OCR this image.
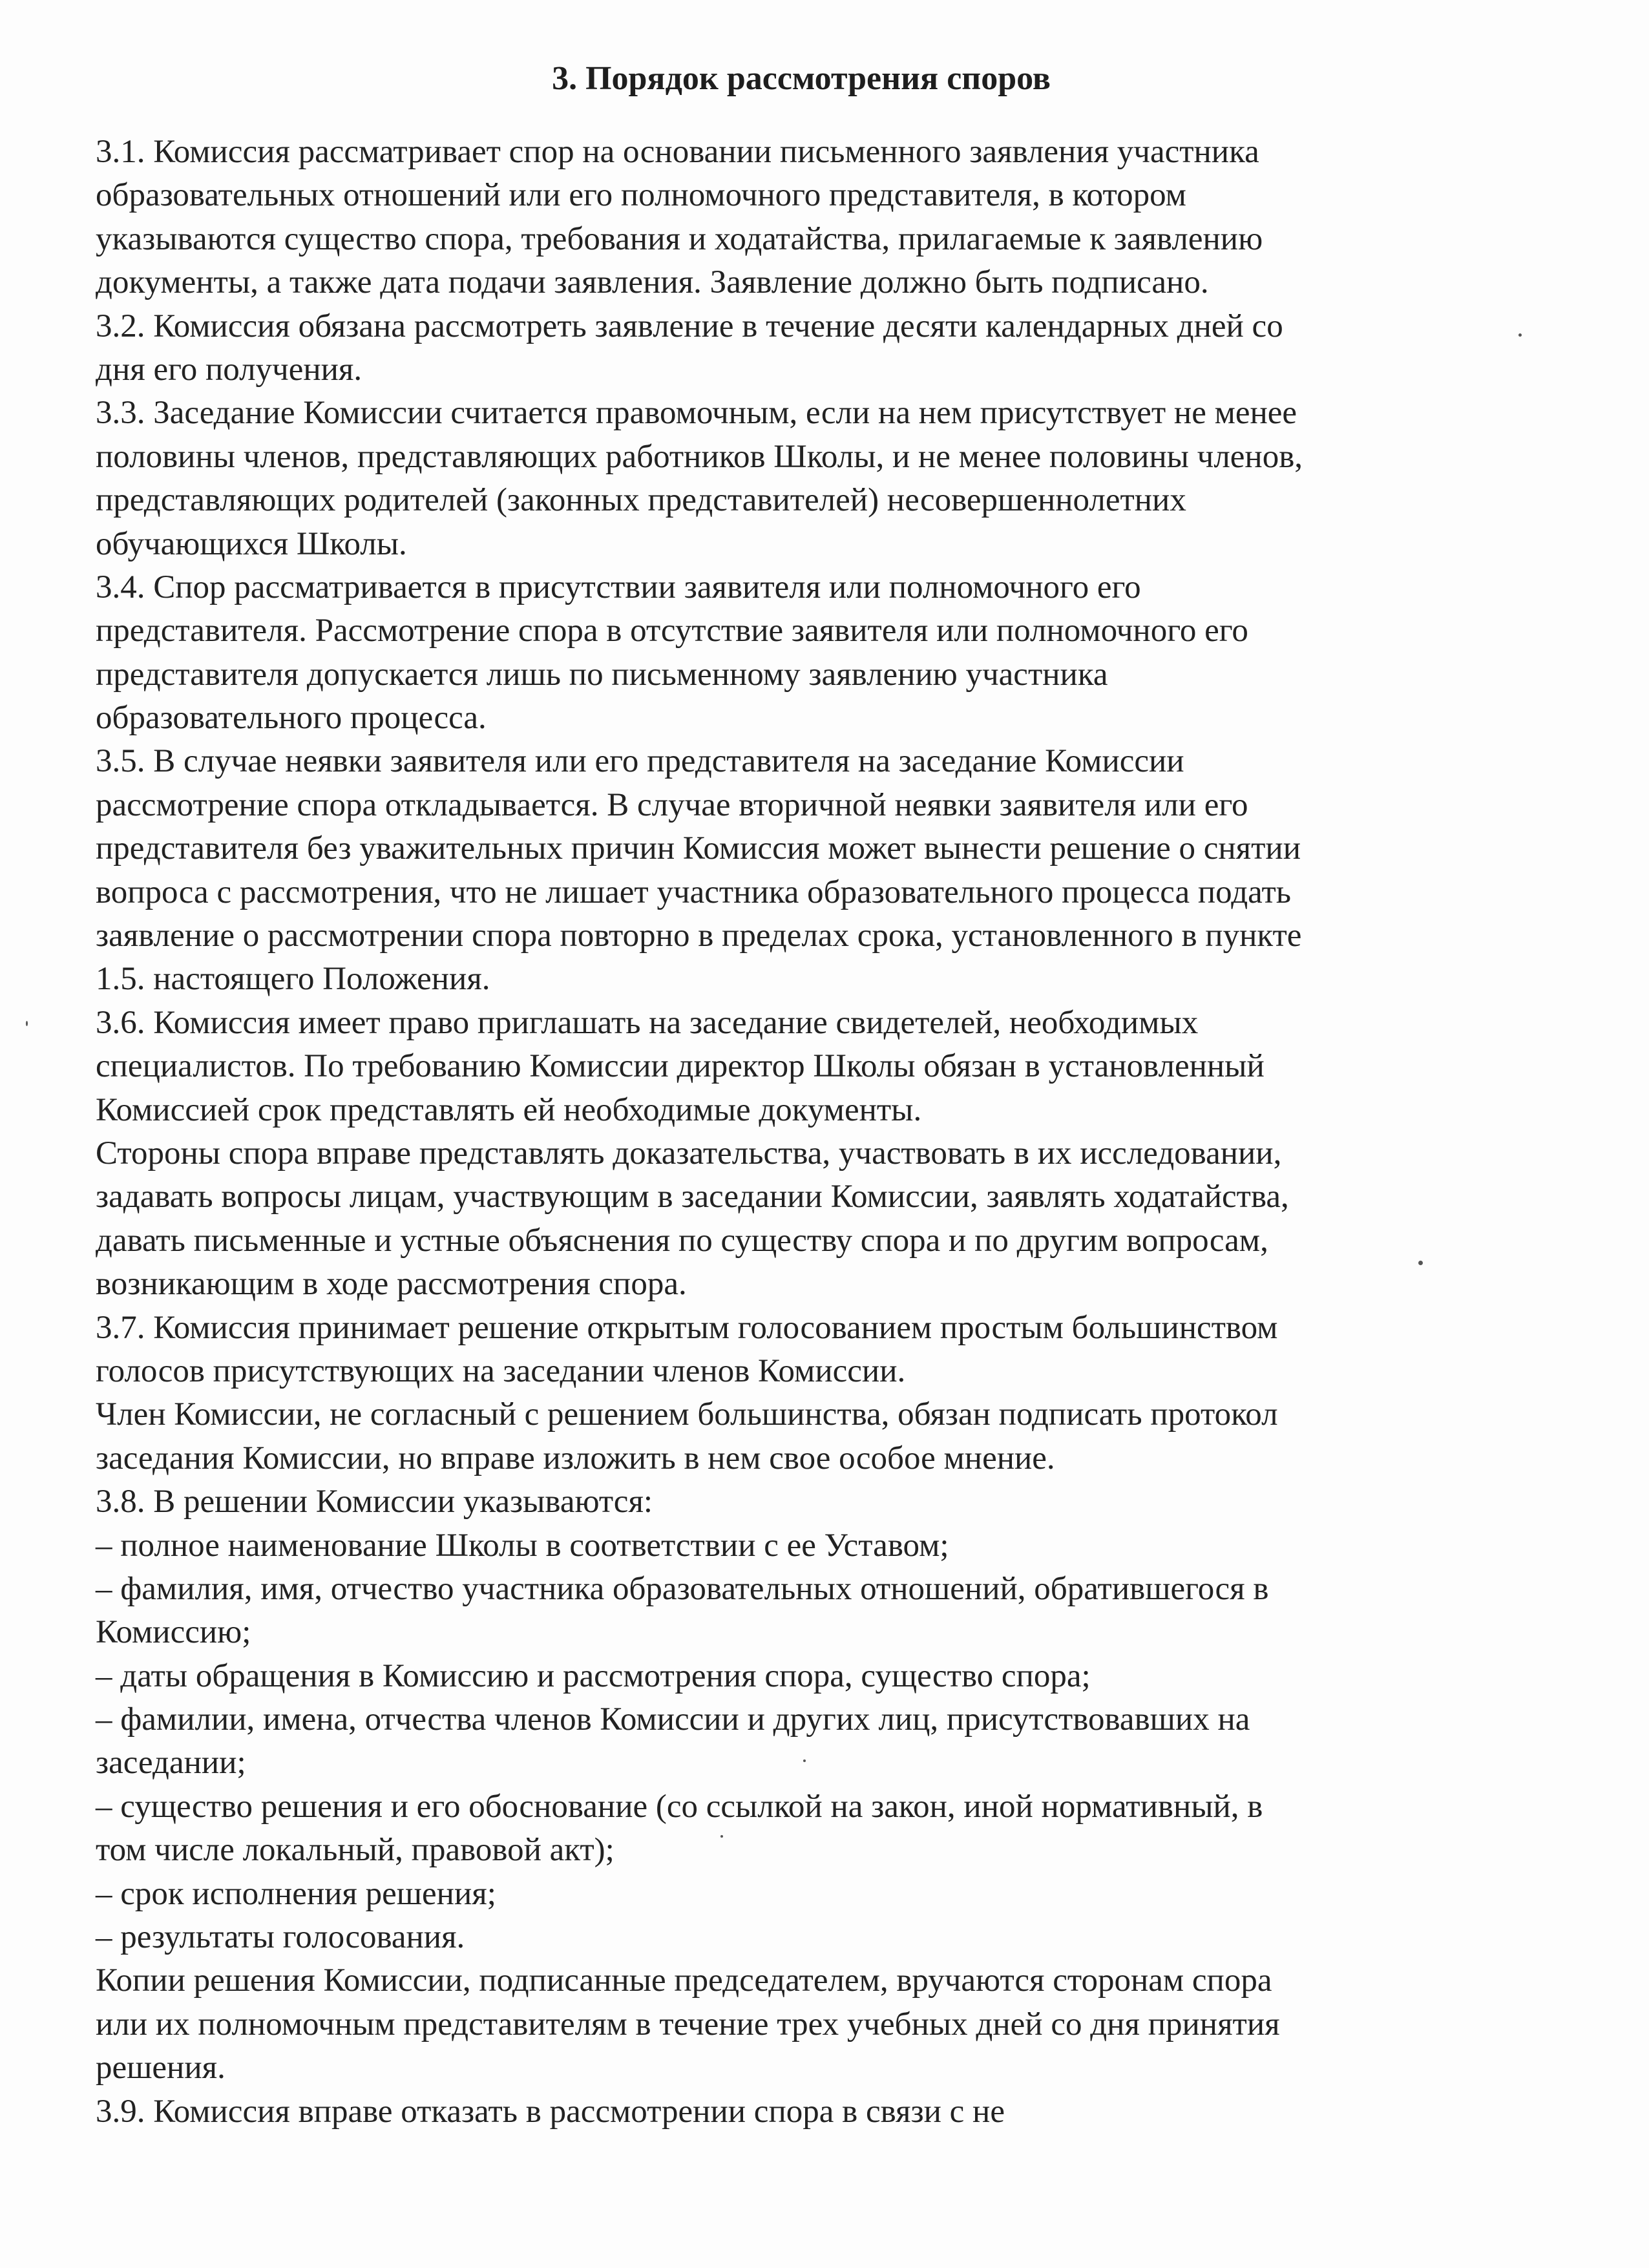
3. Порядок рассмотрения споров
3.1. Комиссия рассматривает спор на основании письменного заявления участника
образовательных отношений или его полномочного представителя, в котором
указываются существо спора, требования и ходатайства, прилагаемые к заявлению
документы, а также дата подачи заявления. Заявление должно быть подписано.
3.2. Комиссия обязана рассмотреть заявление в течение десяти календарных дней со
дня его получения.
3.3. Заседание Комиссии считается правомочным, если на нем присутствует не менее
половины членов, представляющих работников Школы, и не менее половины членов,
представляющих родителей (законных представителей) несовершеннолетних
обучающихся Школы.
3.4. Спор рассматривается в присутствии заявителя или полномочного его
представителя. Рассмотрение спора в отсутствие заявителя или полномочного его
представителя допускается лишь по письменному заявлению участника
образовательного процесса.
3.5. В случае неявки заявителя или его представителя на заседание Комиссии
рассмотрение спора откладывается. В случае вторичной неявки заявителя или его
представителя без уважительных причин Комиссия может вынести решение о снятии
вопроса с рассмотрения, что не лишает участника образовательного процесса подать
заявление о рассмотрении спора повторно в пределах срока, установленного в пункте
1.5. настоящего Положения.
3.6. Комиссия имеет право приглашать на заседание свидетелей, необходимых
специалистов. По требованию Комиссии директор Школы обязан в установленный
Комиссией срок представлять ей необходимые документы.
Стороны спора вправе представлять доказательства, участвовать в их исследовании,
задавать вопросы лицам, участвующим в заседании Комиссии, заявлять ходатайства,
давать письменные и устные объяснения по существу спора и по другим вопросам,
возникающим в ходе рассмотрения спора.
3.7. Комиссия принимает решение открытым голосованием простым большинством
голосов присутствующих на заседании членов Комиссии.
Член Комиссии, не согласный с решением большинства, обязан подписать протокол
заседания Комиссии, но вправе изложить в нем свое особое мнение.
3.8. В решении Комиссии указываются:
– полное наименование Школы в соответствии с ее Уставом;
– фамилия, имя, отчество участника образовательных отношений, обратившегося в
Комиссию;
– даты обращения в Комиссию и рассмотрения спора, существо спора;
– фамилии, имена, отчества членов Комиссии и других лиц, присутствовавших на
заседании;
– существо решения и его обоснование (со ссылкой на закон, иной нормативный, в
том числе локальный, правовой акт);
– срок исполнения решения;
– результаты голосования.
Копии решения Комиссии, подписанные председателем, вручаются сторонам спора
или их полномочным представителям в течение трех учебных дней со дня принятия
решения.
3.9. Комиссия вправе отказать в рассмотрении спора в связи с не
